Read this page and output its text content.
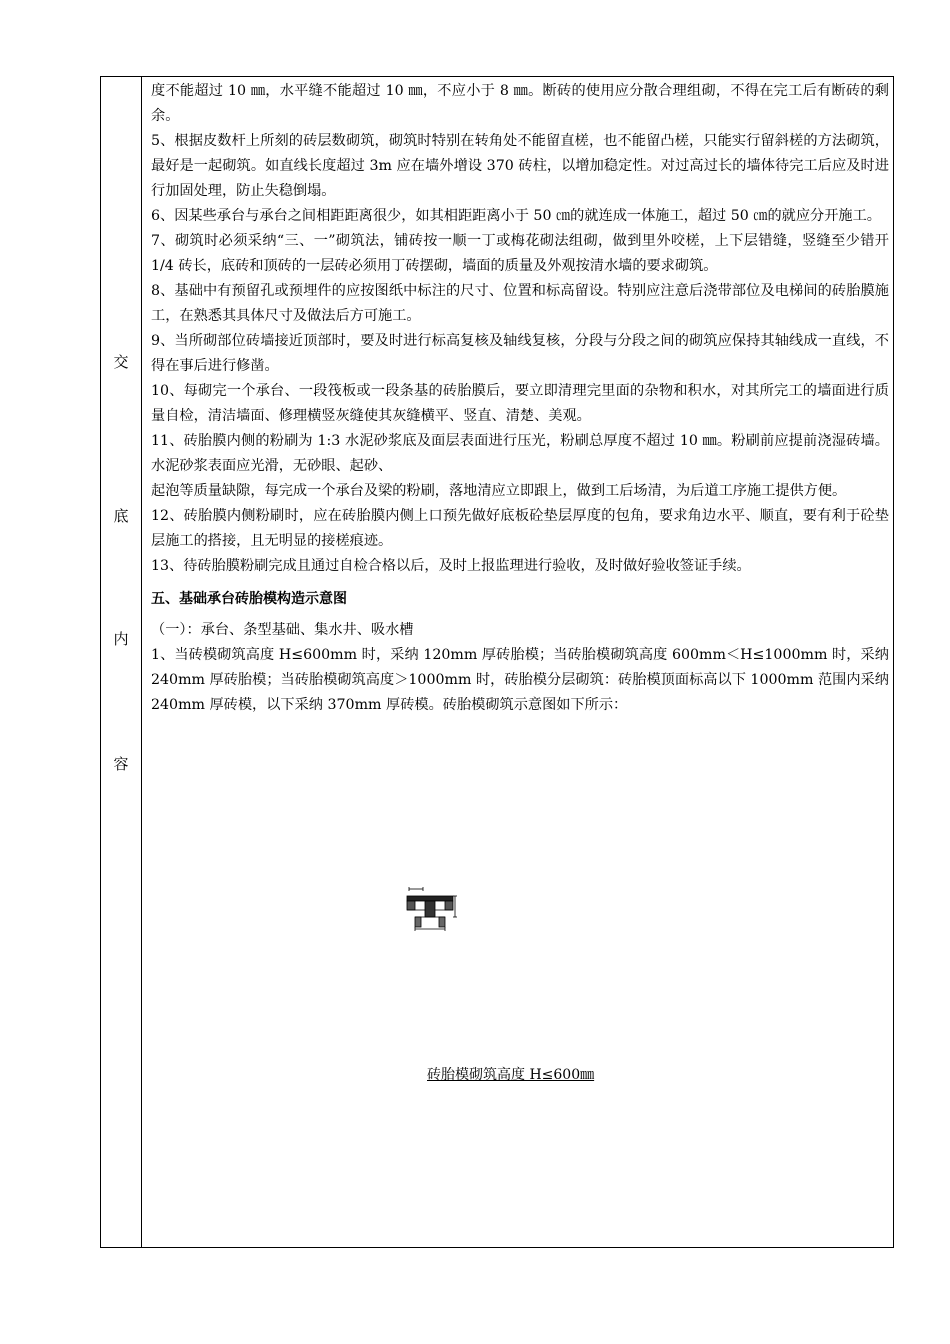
交
底
内
容

度不能超过 10 ㎜，水平缝不能超过 10 ㎜，不应小于 8 ㎜。断砖的使用应分散合理组砌，不得在完工后有断砖的剩余。

5、根据皮数杆上所刻的砖层数砌筑，砌筑时特别在转角处不能留直槎，也不能留凸槎，只能实行留斜槎的方法砌筑，最好是一起砌筑。如直线长度超过 3m 应在墙外增设 370 砖柱，以增加稳定性。对过高过长的墙体待完工后应及时进行加固处理，防止失稳倒塌。

6、因某些承台与承台之间相距距离很少，如其相距距离小于 50 ㎝的就连成一体施工，超过 50 ㎝的就应分开施工。

7、砌筑时必须采纳“三、一”砌筑法，铺砖按一顺一丁或梅花砌法组砌，做到里外咬槎，上下层错缝，竖缝至少错开 1/4 砖长，底砖和顶砖的一层砖必须用丁砖摆砌，墙面的质量及外观按清水墙的要求砌筑。

8、基础中有预留孔或预埋件的应按图纸中标注的尺寸、位置和标高留设。特别应注意后浇带部位及电梯间的砖胎膜施工，在熟悉其具体尺寸及做法后方可施工。

9、当所砌部位砖墙接近顶部时，要及时进行标高复核及轴线复核，分段与分段之间的砌筑应保持其轴线成一直线，不得在事后进行修凿。

10、每砌完一个承台、一段筏板或一段条基的砖胎膜后，要立即清理完里面的杂物和积水，对其所完工的墙面进行质量自检，清洁墙面、修理横竖灰缝使其灰缝横平、竖直、清楚、美观。

11、砖胎膜内侧的粉刷为 1:3 水泥砂浆底及面层表面进行压光，粉刷总厚度不超过 10 ㎜。粉刷前应提前浇湿砖墙。水泥砂浆表面应光滑，无砂眼、起砂、

起泡等质量缺隙，每完成一个承台及梁的粉刷，落地清应立即跟上，做到工后场清，为后道工序施工提供方便。

12、砖胎膜内侧粉刷时，应在砖胎膜内侧上口预先做好底板砼垫层厚度的包角，要求角边水平、顺直，要有利于砼垫层施工的搭接，且无明显的接槎痕迹。

13、待砖胎膜粉刷完成且通过自检合格以后，及时上报监理进行验收，及时做好验收签证手续。

五、基础承台砖胎模构造示意图

（一）：承台、条型基础、集水井、吸水槽

1、当砖模砌筑高度 H≤600mm 时，采纳 120mm 厚砖胎模；当砖胎模砌筑高度 600mm＜H≤1000mm 时，采纳 240mm 厚砖胎模；当砖胎模砌筑高度＞1000mm 时，砖胎模分层砌筑：砖胎模顶面标高以下 1000mm 范围内采纳 240mm 厚砖模，以下采纳 370mm 厚砖模。砖胎模砌筑示意图如下所示：

砖胎模砌筑高度 H≤600㎜
